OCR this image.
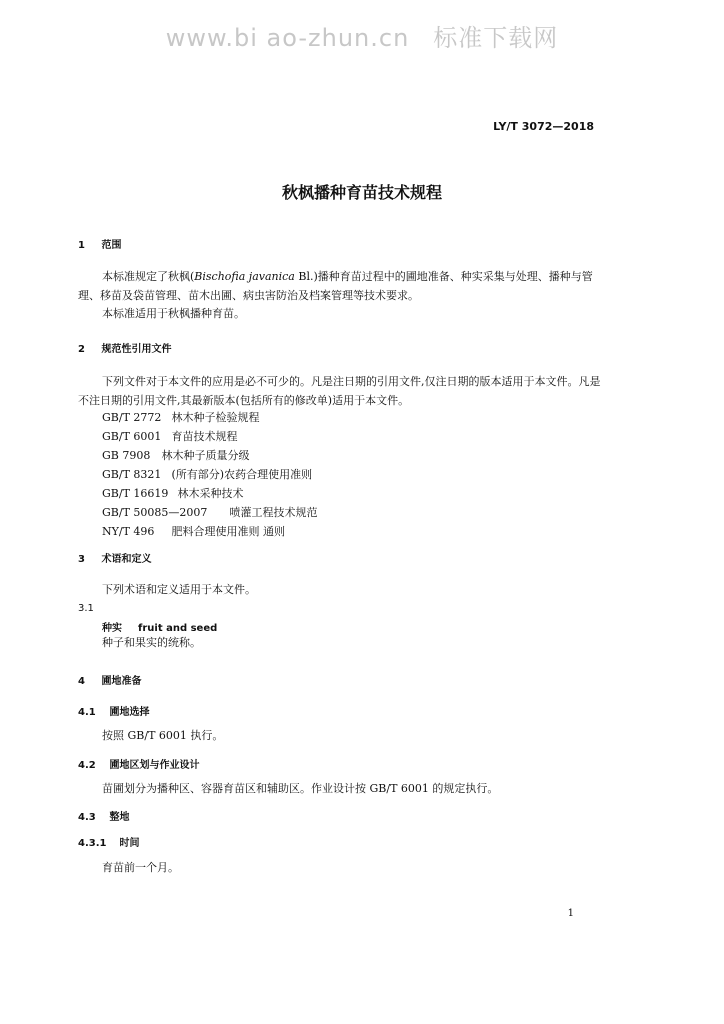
www.bi ao-zhun.cn 标准下载网
LY/T 3072—2018
秋枫播种育苗技术规程
1 范围
本标准规定了秋枫(Bischofia javanica Bl.)播种育苗过程中的圃地准备、种实采集与处理、播种与管理、移苗及袋苗管理、苗木出圃、病虫害防治及档案管理等技术要求。
本标准适用于秋枫播种育苗。
2 规范性引用文件
下列文件对于本文件的应用是必不可少的。凡是注日期的引用文件,仅注日期的版本适用于本文件。凡是不注日期的引用文件,其最新版本(包括所有的修改单)适用于本文件。
GB/T 2772 林木种子检验规程
GB/T 6001 育苗技术规程
GB 7908 林木种子质量分级
GB/T 8321 (所有部分)农药合理使用准则
GB/T 16619 林木采种技术
GB/T 50085—2007 喷灌工程技术规范
NY/T 496 肥料合理使用准则 通则
3 术语和定义
下列术语和定义适用于本文件。
3.1
种实 fruit and seed
种子和果实的统称。
4 圃地准备
4.1 圃地选择
按照 GB/T 6001 执行。
4.2 圃地区划与作业设计
苗圃划分为播种区、容器育苗区和辅助区。作业设计按 GB/T 6001 的规定执行。
4.3 整地
4.3.1 时间
育苗前一个月。
1
